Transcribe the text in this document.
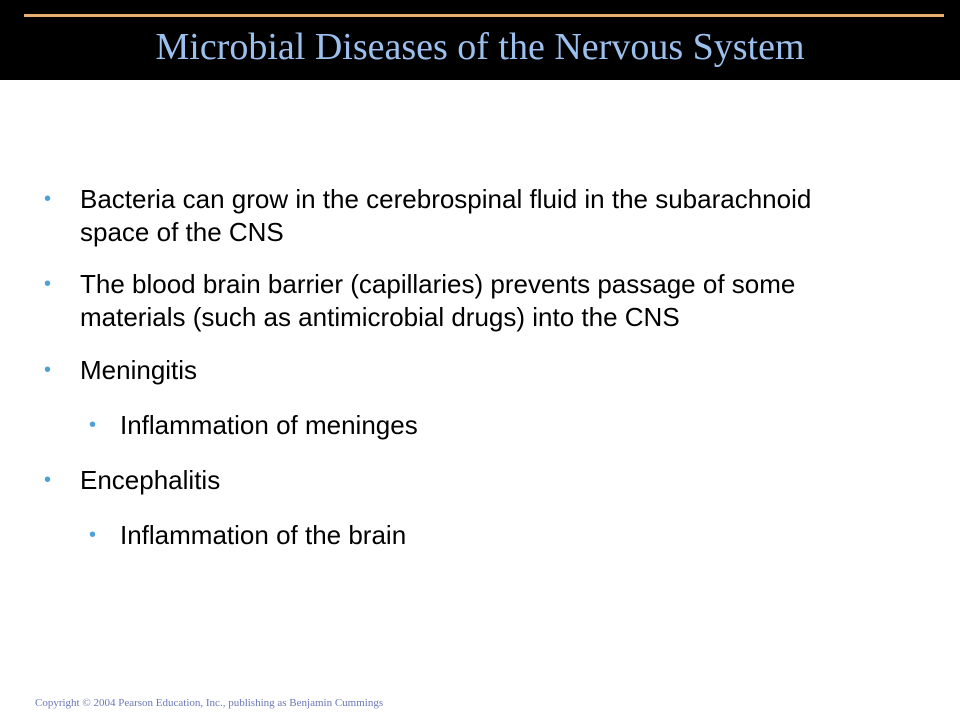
Microbial Diseases of the Nervous System
• Bacteria can grow in the cerebrospinal fluid in the subarachnoid space of the CNS
• The blood brain barrier (capillaries) prevents passage of some materials (such as antimicrobial drugs) into the CNS
• Meningitis
• Inflammation of meninges
• Encephalitis
• Inflammation of the brain
Copyright © 2004 Pearson Education, Inc., publishing as Benjamin Cummings
